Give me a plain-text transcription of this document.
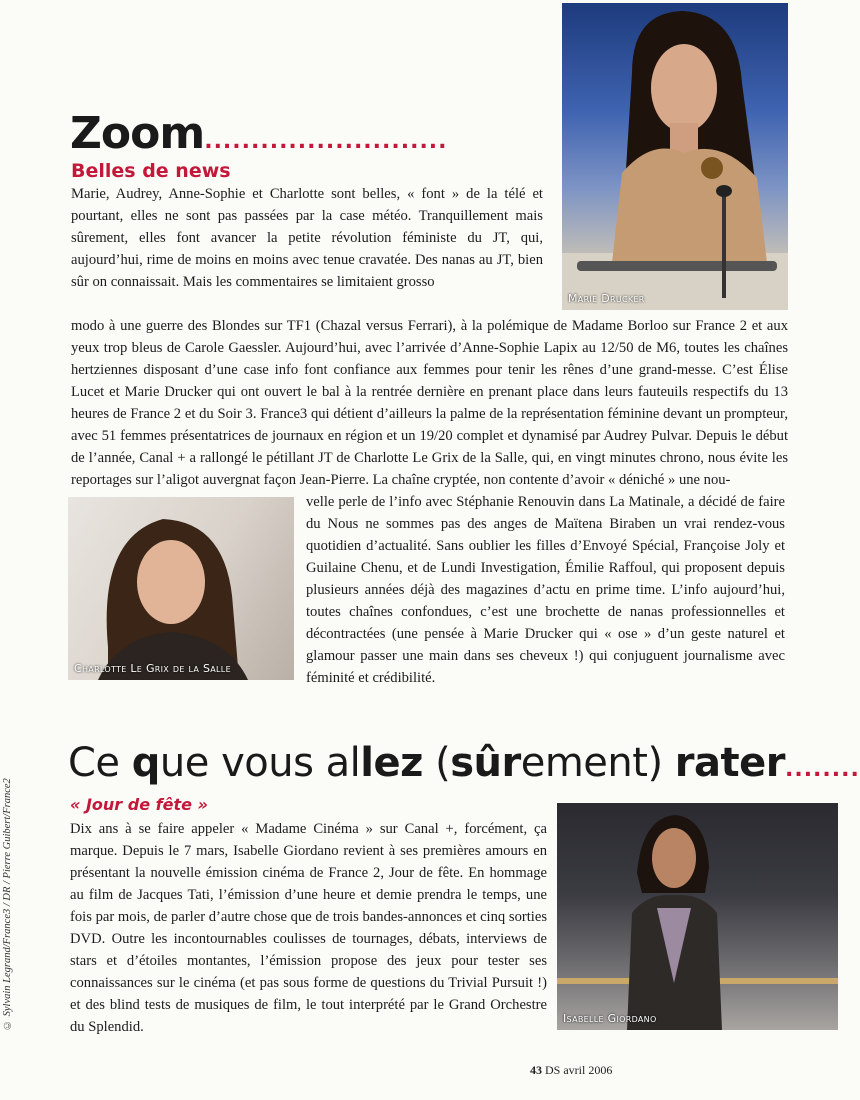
© Sylvain Legrand/France3 / DR / Pierre Guibert/France2
Marie Drucker
Zoom..........................
Belles de news

Marie, Audrey, Anne-Sophie et Charlotte sont belles, « font » de la télé et pourtant, elles ne sont pas passées par la case météo. Tranquillement mais sûrement, elles font avancer la petite révolution féministe du JT, qui, aujourd’hui, rime de moins en moins avec tenue cravatée. Des nanas au JT, bien sûr on connaissait. Mais les commentaires se limitaient grosso

modo à une guerre des Blondes sur TF1 (Chazal versus Ferrari), à la polémique de Madame Borloo sur France 2 et aux yeux trop bleus de Carole Gaessler. Aujourd’hui, avec l’arrivée d’Anne-Sophie Lapix au 12/50 de M6, toutes les chaînes hertziennes disposant d’une case info font confiance aux femmes pour tenir les rênes d’une grand-messe. C’est Élise Lucet et Marie Drucker qui ont ouvert le bal à la rentrée dernière en prenant place dans leurs fauteuils respectifs du 13 heures de France 2 et du Soir 3. France3 qui détient d’ailleurs la palme de la représentation féminine devant un prompteur, avec 51 femmes présentatrices de journaux en région et un 19/20 complet et dynamisé par Audrey Pulvar. Depuis le début de l’année, Canal + a rallongé le pétillant JT de Charlotte Le Grix de la Salle, qui, en vingt minutes chrono, nous évite les reportages sur l’aligot auvergnat façon Jean-Pierre. La chaîne cryptée, non contente d’avoir « déniché » une nou-

Charlotte Le Grix de la Salle

velle perle de l’info avec Stéphanie Renouvin dans La Matinale, a décidé de faire du Nous ne sommes pas des anges de Maïtena Biraben un vrai rendez-vous quotidien d’actualité. Sans oublier les filles d’Envoyé Spécial, Françoise Joly et Guilaine Chenu, et de Lundi Investigation, Émilie Raffoul, qui proposent depuis plusieurs années déjà des magazines d’actu en prime time. L’info aujourd’hui, toutes chaînes confondues, c’est une brochette de nanas professionnelles et décontractées (une pensée à Marie Drucker qui « ose » d’un geste naturel et glamour passer une main dans ses cheveux !) qui conjuguent journalisme avec féminité et crédibilité.

Ce que vous allez (sûrement) rater........
« Jour de fête »

Dix ans à se faire appeler « Madame Cinéma » sur Canal +, forcément, ça marque. Depuis le 7 mars, Isabelle Giordano revient à ses premières amours en présentant la nouvelle émission cinéma de France 2, Jour de fête. En hommage au film de Jacques Tati, l’émission d’une heure et demie prendra le temps, une fois par mois, de parler d’autre chose que de trois bandes-annonces et cinq sorties DVD. Outre les incontournables coulisses de tournages, débats, interviews de stars et d’étoiles montantes, l’émission propose des jeux pour tester ses connaissances sur le cinéma (et pas sous forme de questions du Trivial Pursuit !) et des blind tests de musiques de film, le tout interprété par le Grand Orchestre du Splendid.

Isabelle Giordano
43 DS avril 2006
